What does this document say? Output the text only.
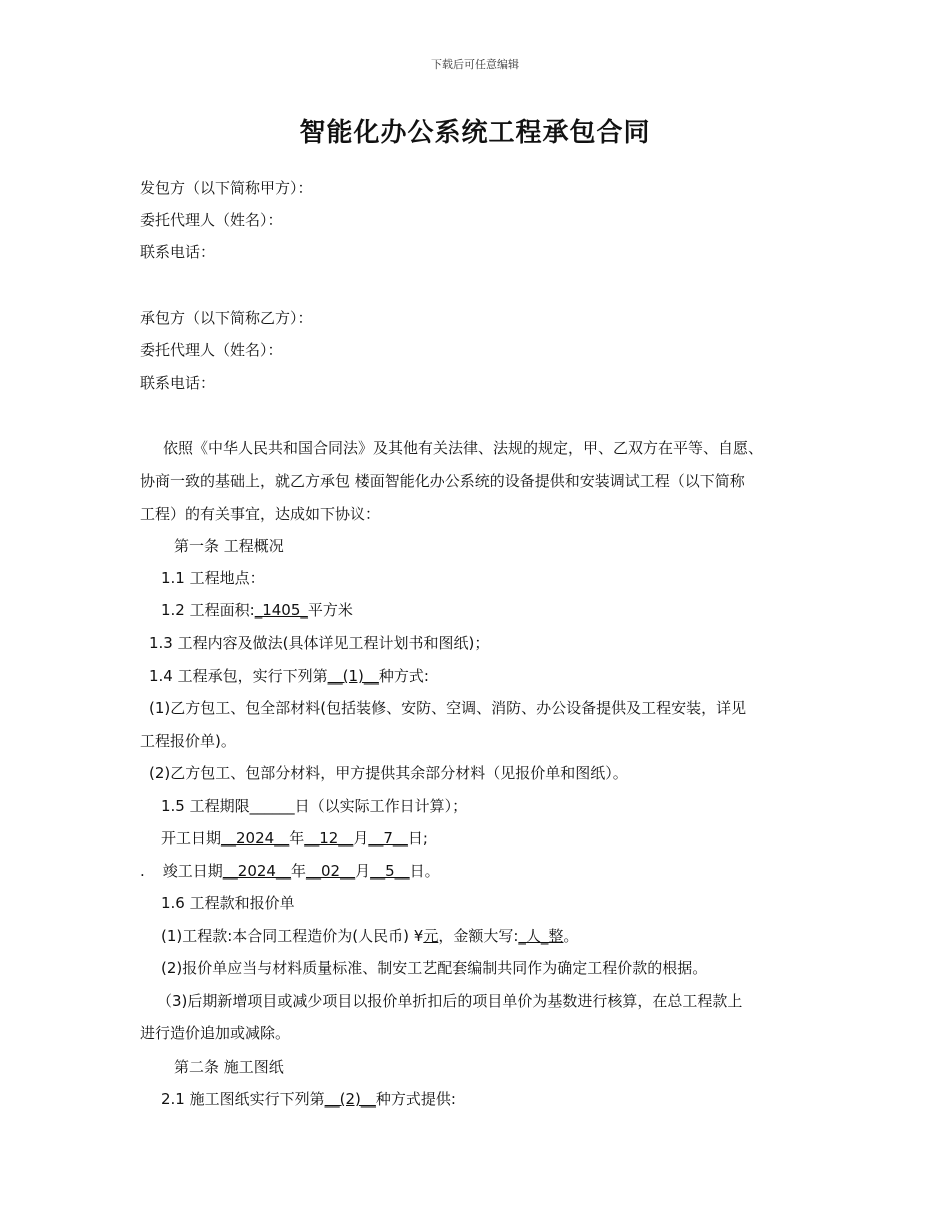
下载后可任意编辑
智能化办公系统工程承包合同
发包方（以下简称甲方）：
委托代理人（姓名）：
联系电话：
承包方（以下简称乙方）：
委托代理人（姓名）：
联系电话：
依照《中华人民共和国合同法》及其他有关法律、法规的规定，甲、乙双方在平等、自愿、
协商一致的基础上，就乙方承包 楼面智能化办公系统的设备提供和安装调试工程（以下简称
工程）的有关事宜，达成如下协议：
第一条 工程概况
1.1 工程地点：
1.2 工程面积:_1405_平方米
1.3 工程内容及做法(具体详见工程计划书和图纸)；
1.4 工程承包，实行下列第__(1)__种方式:
(1)乙方包工、包全部材料(包括装修、安防、空调、消防、办公设备提供及工程安装，详见
工程报价单)。
(2)乙方包工、包部分材料，甲方提供其余部分材料（见报价单和图纸）。
1.5 工程期限______日（以实际工作日计算）；
开工日期__2024__年__12__月__7__日;
. 竣工日期__2024__年__02__月__5__日。
1.6 工程款和报价单
(1)工程款:本合同工程造价为(人民币) ¥元，金额大写:_人_整。
(2)报价单应当与材料质量标准、制安工艺配套编制共同作为确定工程价款的根据。
（3)后期新增项目或减少项目以报价单折扣后的项目单价为基数进行核算，在总工程款上
进行造价追加或减除。
第二条 施工图纸
2.1 施工图纸实行下列第__(2)__种方式提供:
